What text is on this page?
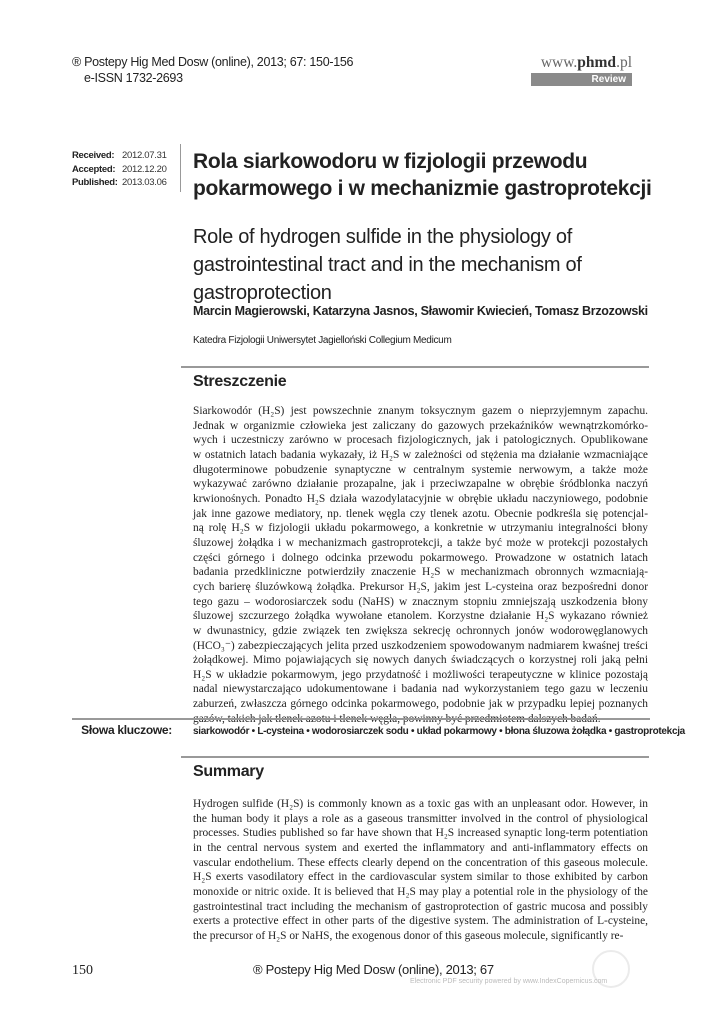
® Postepy Hig Med Dosw (online), 2013; 67: 150-156
e-ISSN 1732-2693
www.phmd.pl
Review
Received: 2012.07.31
Accepted: 2012.12.20
Published: 2013.03.06
Rola siarkowodoru w fizjologii przewodu pokarmowego i w mechanizmie gastroprotekcji
Role of hydrogen sulfide in the physiology of gastrointestinal tract and in the mechanism of gastroprotection
Marcin Magierowski, Katarzyna Jasnos, Sławomir Kwiecień, Tomasz Brzozowski
Katedra Fizjologii Uniwersytet Jagielloński Collegium Medicum
Streszczenie

Siarkowodór (H₂S) jest powszechnie znanym toksycznym gazem o nieprzyjemnym zapachu.

Jednak w organizmie człowieka jest zaliczany do gazowych przekaźników wewnątrzkomórko-

wych i uczestniczy zarówno w procesach fizjologicznych, jak i patologicznych. Opublikowane

w ostatnich latach badania wykazały, iż H₂S w zależności od stężenia ma działanie wzmacniające

długoterminowe pobudzenie synaptyczne w centralnym systemie nerwowym, a także może

wykazywać zarówno działanie prozapalne, jak i przeciwzapalne w obrębie śródblonka naczyń

krwionośnych. Ponadto H₂S działa wazodylatacyjnie w obrębie układu naczyniowego, podobnie

jak inne gazowe mediatory, np. tlenek węgla czy tlenek azotu. Obecnie podkreśla się potencjal-

ną rolę H₂S w fizjologii układu pokarmowego, a konkretnie w utrzymaniu integralności błony

śluzowej żołądka i w mechanizmach gastroprotekcji, a także być może w protekcji pozostałych

części górnego i dolnego odcinka przewodu pokarmowego. Prowadzone w ostatnich latach

badania przedkliniczne potwierdziły znaczenie H₂S w mechanizmach obronnych wzmacniają-

cych barierę śluzówkową żołądka. Prekursor H₂S, jakim jest L-cysteina oraz bezpośredni donor

tego gazu – wodorosiarczek sodu (NaHS) w znacznym stopniu zmniejszają uszkodzenia błony

śluzowej szczurzego żołądka wywołane etanolem. Korzystne działanie H₂S wykazano również

w dwunastnicy, gdzie związek ten zwiększa sekrecję ochronnych jonów wodorowęglanowych

(HCO₃⁻) zabezpieczających jelita przed uszkodzeniem spowodowanym nadmiarem kwaśnej treści

żołądkowej. Mimo pojawiających się nowych danych świadczących o korzystnej roli jaką pełni

H₂S w układzie pokarmowym, jego przydatność i możliwości terapeutyczne w klinice pozostają

nadal niewystarczająco udokumentowane i badania nad wykorzystaniem tego gazu w leczeniu

zaburzeń, zwłaszcza górnego odcinka pokarmowego, podobnie jak w przypadku lepiej poznanych

Słowa kluczowe: siarkowodór • L-cysteina • wodorosiarczek sodu • układ pokarmowy • błona śluzowa żołądka • gastroprotekcja
Summary

Hydrogen sulfide (H₂S) is commonly known as a toxic gas with an unpleasant odor. However, in

the human body it plays a role as a gaseous transmitter involved in the control of physiological

processes. Studies published so far have shown that H₂S increased synaptic long-term potentiation

in the central nervous system and exerted the inflammatory and anti-inflammatory effects on

vascular endothelium. These effects clearly depend on the concentration of this gaseous molecule.

H₂S exerts vasodilatory effect in the cardiovascular system similar to those exhibited by carbon

monoxide or nitric oxide. It is believed that H₂S may play a potential role in the physiology of the

gastrointestinal tract including the mechanism of gastroprotection of gastric mucosa and possibly

exerts a protective effect in other parts of the digestive system. The administration of L-cysteine,

the precursor of H₂S or NaHS, the exogenous donor of this gaseous molecule, significantly re-

150	® Postepy Hig Med Dosw (online), 2013; 67
Electronic PDF security powered by www.IndexCopernicus.com
